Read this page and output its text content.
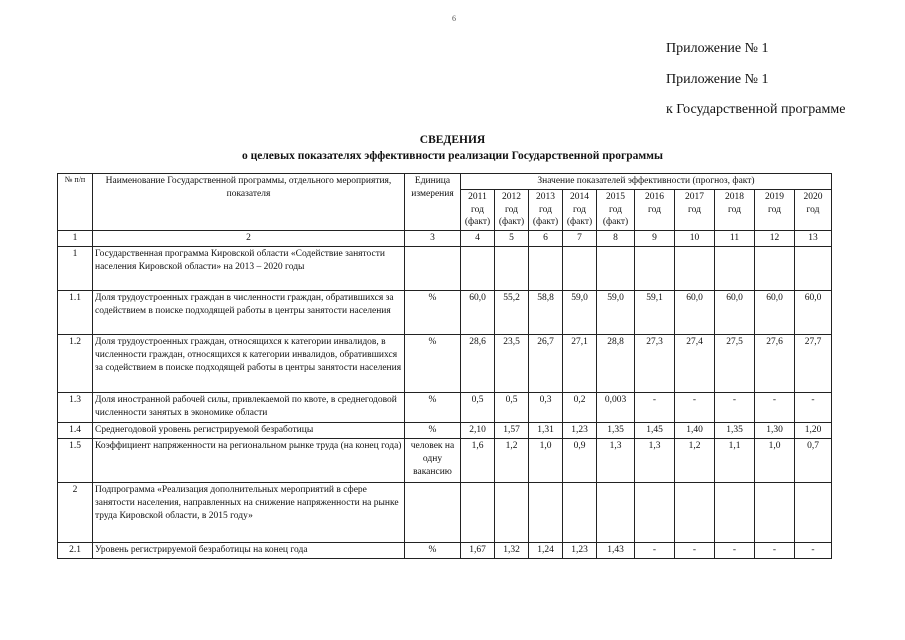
6
Приложение № 1
Приложение № 1
к Государственной программе
СВЕДЕНИЯ
о целевых показателях эффективности реализации Государственной программы
№ п/п	Наименование Государственной программы, отдельного мероприятия, показателя	Единица измерения	Значение показателей эффективности (прогноз, факт)									

			2011
год
(факт)	2012
год
(факт)	2013
год
(факт)	2014
год
(факт)	2015
год
(факт)	2016
год	2017
год	2018
год	2019
год	2020
год

1	2	3	4	5	6	7	8	9	10	11	12	13
1	Государственная программа Кировской области «Содействие занятости населения Кировской области» на 2013 – 2020 годы											
1.1	Доля трудоустроенных граждан в численности граждан, обратившихся за содействием в поиске подходящей работы в центры занятости населения	%	60,0	55,2	58,8	59,0	59,0	59,1	60,0	60,0	60,0	60,0
1.2	Доля трудоустроенных граждан, относящихся к категории инвалидов, в численности граждан, относящихся к категории инвалидов, обратившихся за содействием в поиске подходящей работы в центры занятости населения	%	28,6	23,5	26,7	27,1	28,8	27,3	27,4	27,5	27,6	27,7
1.3	Доля иностранной рабочей силы, привлекаемой по квоте, в среднегодовой численности занятых в экономике области	%	0,5	0,5	0,3	0,2	0,003	-	-	-	-	-
1.4	Среднегодовой уровень регистрируемой безработицы	%	2,10	1,57	1,31	1,23	1,35	1,45	1,40	1,35	1,30	1,20
1.5	Коэффициент напряженности на региональном рынке труда (на конец года)	человек на одну вакансию	1,6	1,2	1,0	0,9	1,3	1,3	1,2	1,1	1,0	0,7
2	Подпрограмма «Реализация дополнительных мероприятий в сфере занятости населения, направленных на снижение напряженности на рынке труда Кировской области, в 2015 году»											
2.1	Уровень регистрируемой безработицы на конец года	%	1,67	1,32	1,24	1,23	1,43	-	-	-	-	-
